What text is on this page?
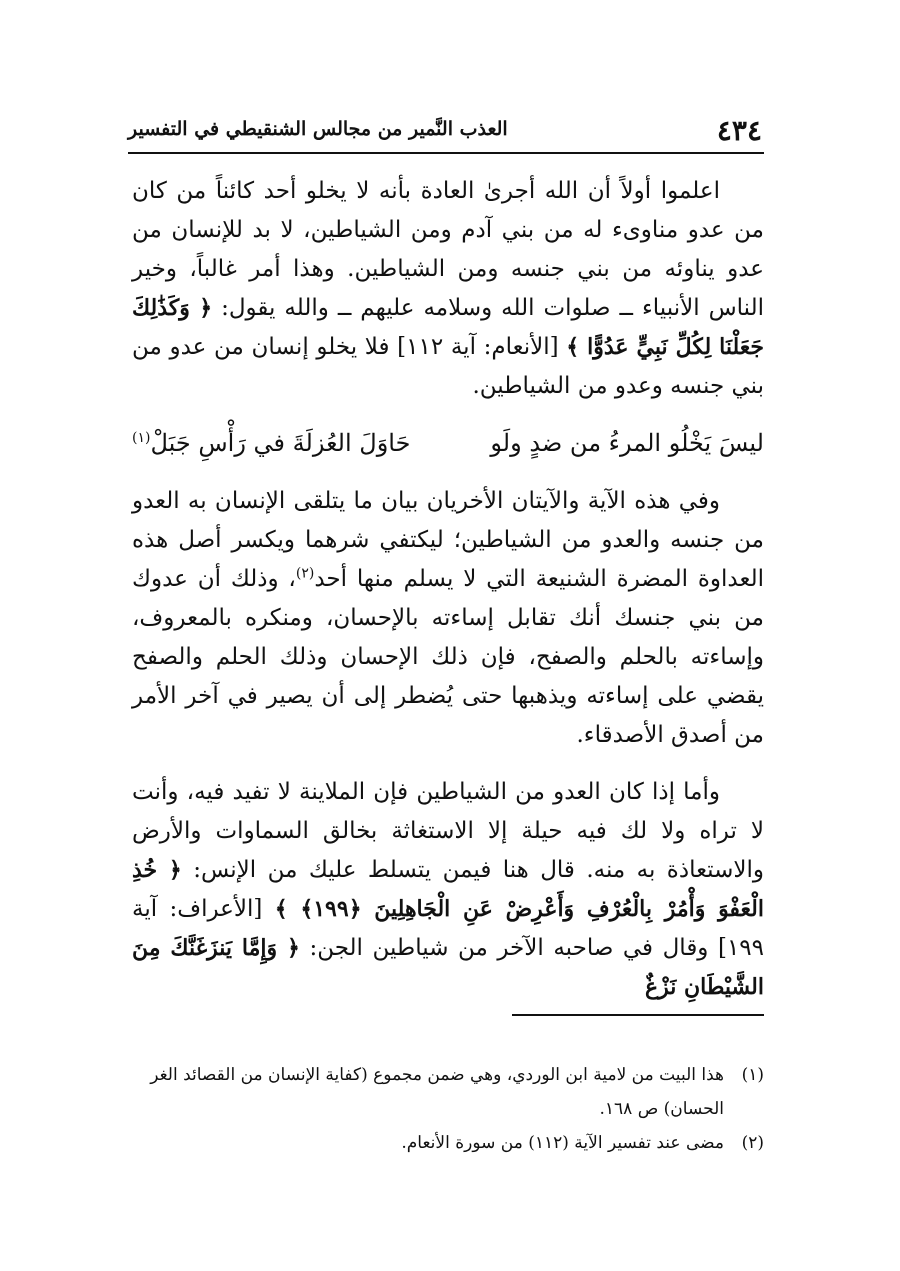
٤٣٤
العذب النَّمير من مجالس الشنقيطي في التفسير

اعلموا أولاً أن الله أجرىٰ العادة بأنه لا يخلو أحد كائناً من كان من عدو مناوىء له من بني آدم ومن الشياطين، لا بد للإنسان من عدو يناوئه من بني جنسه ومن الشياطين. وهذا أمر غالباً، وخير الناس الأنبياء ــ صلوات الله وسلامه عليهم ــ والله يقول: ﴿ وَكَذَٰلِكَ جَعَلْنَا لِكُلِّ نَبِيٍّ عَدُوًّا ﴾ [الأنعام: آية ١١٢] فلا يخلو إنسان من عدو من بني جنسه وعدو من الشياطين.

ليسَ يَخْلُو المرءُ من ضدٍ ولَو
حَاوَلَ العُزلَةَ في رَأْسِ جَبَلْ$^{(١)}$

وفي هذه الآية والآيتان الأخريان بيان ما يتلقى الإنسان به العدو من جنسه والعدو من الشياطين؛ ليكتفي شرهما ويكسر أصل هذه العداوة المضرة الشنيعة التي لا يسلم منها أحد$^{(٢)}$، وذلك أن عدوك من بني جنسك أنك تقابل إساءته بالإحسان، ومنكره بالمعروف، وإساءته بالحلم والصفح، فإن ذلك الإحسان وذلك الحلم والصفح يقضي على إساءته ويذهبها حتى يُضطر إلى أن يصير في آخر الأمر من أصدق الأصدقاء.

وأما إذا كان العدو من الشياطين فإن الملاينة لا تفيد فيه، وأنت لا تراه ولا لك فيه حيلة إلا الاستغاثة بخالق السماوات والأرض والاستعاذة به منه. قال هنا فيمن يتسلط عليك من الإنس: ﴿ خُذِ الْعَفْوَ وَأْمُرْ بِالْعُرْفِ وَأَعْرِضْ عَنِ الْجَاهِلِينَ ﴿١٩٩﴾ ﴾ [الأعراف: آية ١٩٩] وقال في صاحبه الآخر من شياطين الجن: ﴿ وَإِمَّا يَنزَغَنَّكَ مِنَ الشَّيْطَانِ نَزْغٌ

(١)
هذا البيت من لامية ابن الوردي، وهي ضمن مجموع (كفاية الإنسان من القصائد الغر الحسان) ص ١٦٨.

(٢)
مضى عند تفسير الآية (١١٢) من سورة الأنعام.
